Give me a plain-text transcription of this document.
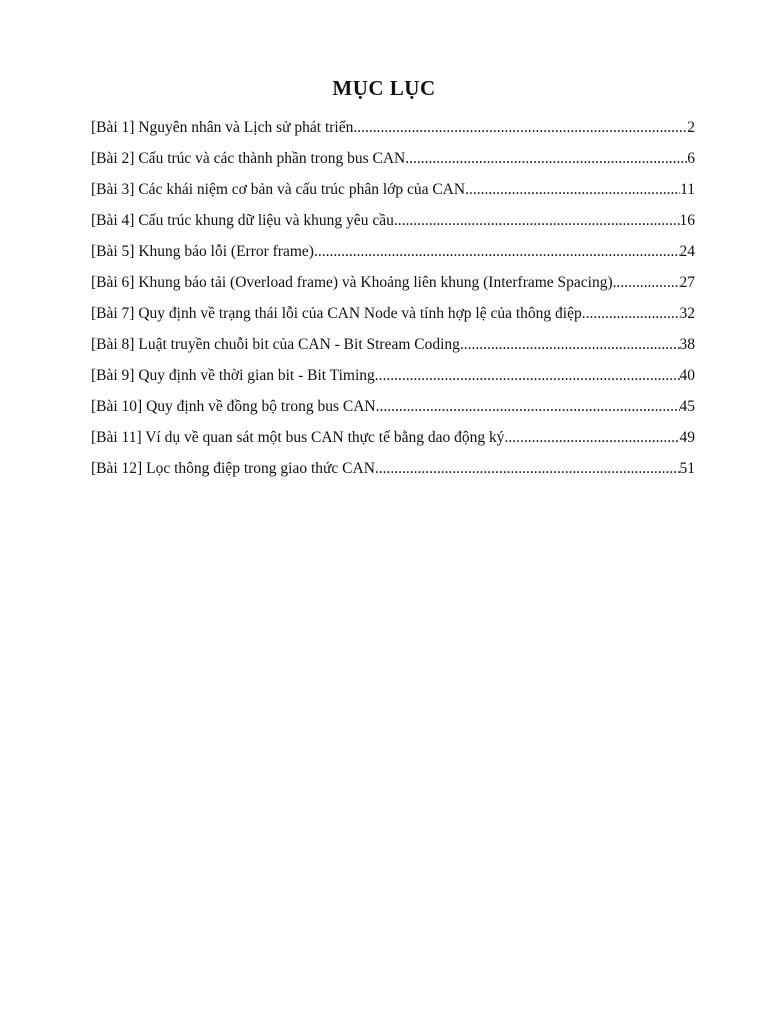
MỤC LỤC
[Bài 1] Nguyên nhân và Lịch sử phát triển .....	2
[Bài 2] Cấu trúc và các thành phần trong bus CAN .....	6
[Bài 3] Các khái niệm cơ bản và cấu trúc phân lớp của CAN .....	11
[Bài 4] Cấu trúc khung dữ liệu và khung yêu cầu .....	16
[Bài 5] Khung báo lỗi (Error frame) .....	24
[Bài 6] Khung báo tải (Overload frame) và Khoảng liên khung (Interframe Spacing) .....	27
[Bài 7] Quy định về trạng thái lỗi của CAN Node và tính hợp lệ của thông điệp .....	32
[Bài 8] Luật truyền chuỗi bit của CAN - Bit Stream Coding .....	38
[Bài 9] Quy định về thời gian bit - Bit Timing .....	40
[Bài 10] Quy định về đồng bộ trong bus CAN .....	45
[Bài 11] Ví dụ về quan sát một bus CAN thực tế bằng dao động ký .....	49
[Bài 12] Lọc thông điệp trong giao thức CAN .....	51
